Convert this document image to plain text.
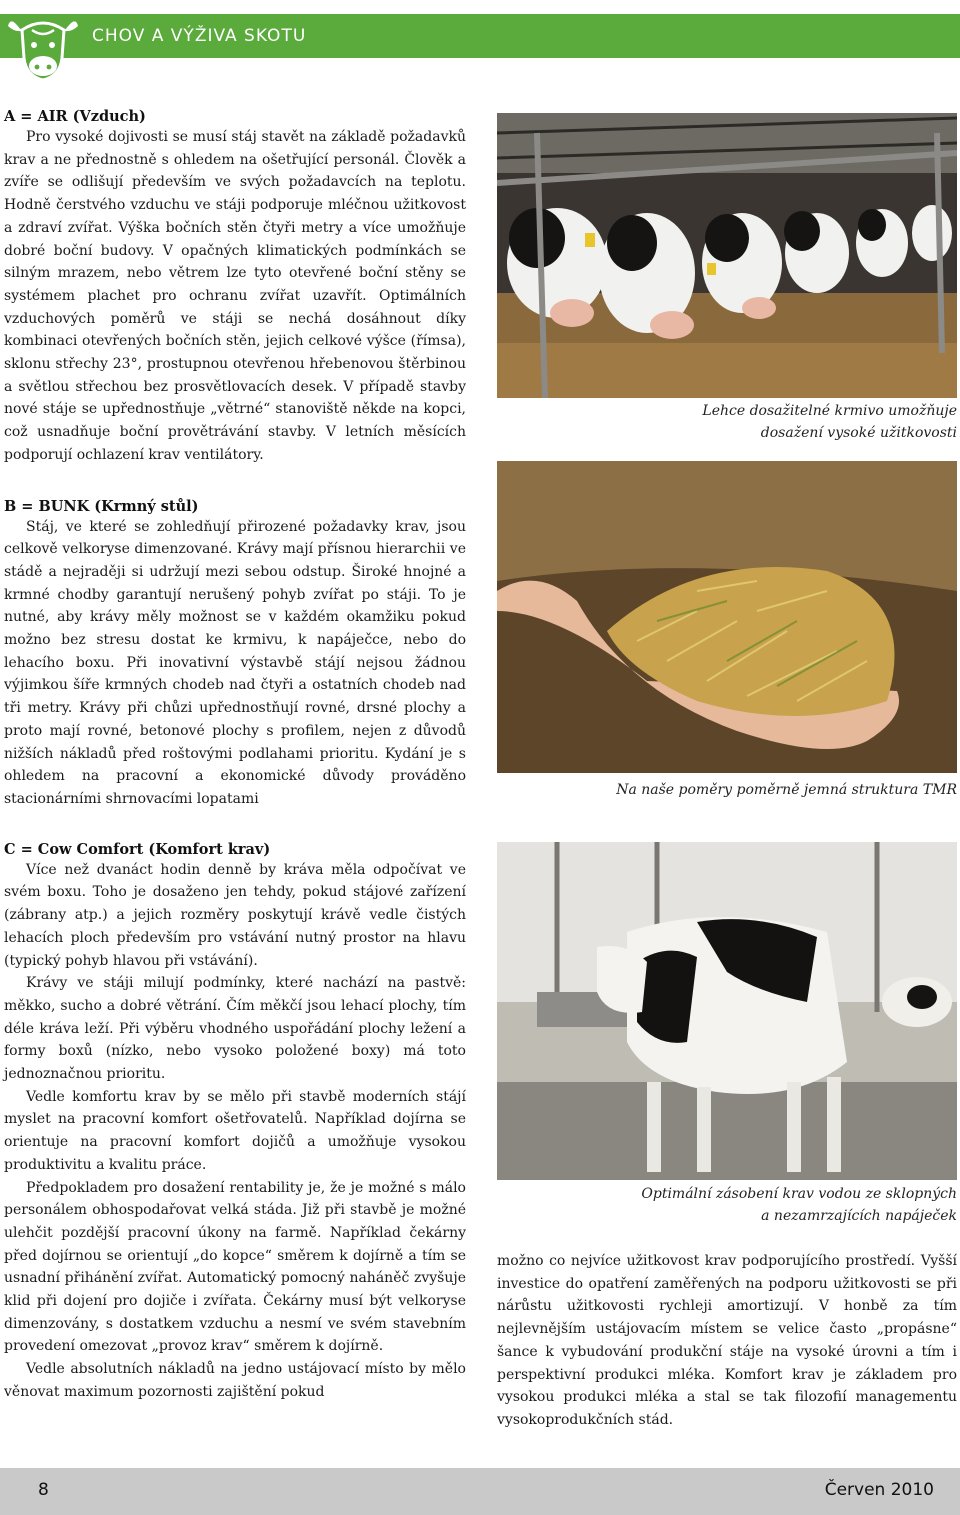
CHOV A VÝŽIVA SKOTU
A = AIR (Vzduch)

Pro vysoké dojivosti se musí stáj stavět na základě požadavků krav a ne přednostně s ohledem na ošetřující personál. Člověk a zvíře se odlišují především ve svých požadavcích na teplotu. Hodně čerstvého vzduchu ve stáji podporuje mléčnou užitkovost a zdraví zvířat. Výška bočních stěn čtyři metry a více umožňuje dobré boční budovy. V opačných klimatických podmínkách se silným mrazem, nebo větrem lze tyto otevřené boční stěny se systémem plachet pro ochranu zvířat uzavřít. Optimálních vzduchových poměrů ve stáji se nechá dosáhnout díky kombinaci otevřených bočních stěn, jejich celkové výšce (římsa), sklonu střechy 23°, prostupnou otevřenou hřebenovou štěrbinou a světlou střechou bez prosvětlovacích desek. V případě stavby nové stáje se upřednostňuje „větrné“ stanoviště někde na kopci, což usnadňuje boční provětrávání stavby. V letních měsících podporují ochlazení krav ventilátory.

B = BUNK (Krmný stůl)

Stáj, ve které se zohledňují přirozené požadavky krav, jsou celkově velkoryse dimenzované. Krávy mají přísnou hierarchii ve stádě a nejraději si udržují mezi sebou odstup. Široké hnojné a krmné chodby garantují nerušený pohyb zvířat po stáji. To je nutné, aby krávy měly možnost se v každém okamžiku pokud možno bez stresu dostat ke krmivu, k napáječce, nebo do lehacího boxu. Při inovativní výstavbě stájí nejsou žádnou výjimkou šíře krmných chodeb nad čtyři a ostatních chodeb nad tři metry. Krávy při chůzi upřednostňují rovné, drsné plochy a proto mají rovné, betonové plochy s profilem, nejen z důvodů nižších nákladů před roštovými podlahami prioritu. Kydání je s ohledem na pracovní a ekonomické důvody prováděno stacionárními shrnovacími lopatami

C = Cow Comfort (Komfort krav)

Více než dvanáct hodin denně by kráva měla odpočívat ve svém boxu. Toho je dosaženo jen tehdy, pokud stájové zařízení (zábrany atp.) a jejich rozměry poskytují krávě vedle čistých lehacích ploch především pro vstávání nutný prostor na hlavu (typický pohyb hlavou při vstávání).

Krávy ve stáji milují podmínky, které nachází na pastvě: měkko, sucho a dobré větrání. Čím měkčí jsou lehací plochy, tím déle kráva leží. Při výběru vhodného uspořádání plochy ležení a formy boxů (nízko, nebo vysoko položené boxy) má toto jednoznačnou prioritu.

Vedle komfortu krav by se mělo při stavbě moderních stájí myslet na pracovní komfort ošetřovatelů. Například dojírna se orientuje na pracovní komfort dojičů a umožňuje vysokou produktivitu a kvalitu práce.

Předpokladem pro dosažení rentability je, že je možné s málo personálem obhospodařovat velká stáda. Již při stavbě je možné ulehčit pozdější pracovní úkony na farmě. Například čekárny před dojírnou se orientují „do kopce“ směrem k dojírně a tím se usnadní přihánění zvířat. Automatický pomocný naháněč zvyšuje klid při dojení pro dojiče i zvířata. Čekárny musí být velkoryse dimenzovány, s dostatkem vzduchu a nesmí ve svém stavebním provedení omezovat „provoz krav“ směrem k dojírně.

Vedle absolutních nákladů na jedno ustájovací místo by mělo věnovat maximum pozornosti zajištění pokud

Lehce dosažitelné krmivo umožňuje
dosažení vysoké užitkovosti
Na naše poměry poměrně jemná struktura TMR
Optimální zásobení krav vodou ze sklopných
a nezamrzajících napáječek

možno co nejvíce užitkovost krav podporujícího prostředí. Vyšší investice do opatření zaměřených na podporu užitkovosti se při nárůstu užitkovosti rychleji amortizují. V honbě za tím nejlevnějším ustájovacím místem se velice často „propásne“ šance k vybudování produkční stáje na vysoké úrovni a tím i perspektivní produkci mléka. Komfort krav je základem pro vysokou produkci mléka a stal se tak filozofií managementu vysokoprodukčních stád.

8	Červen 2010
